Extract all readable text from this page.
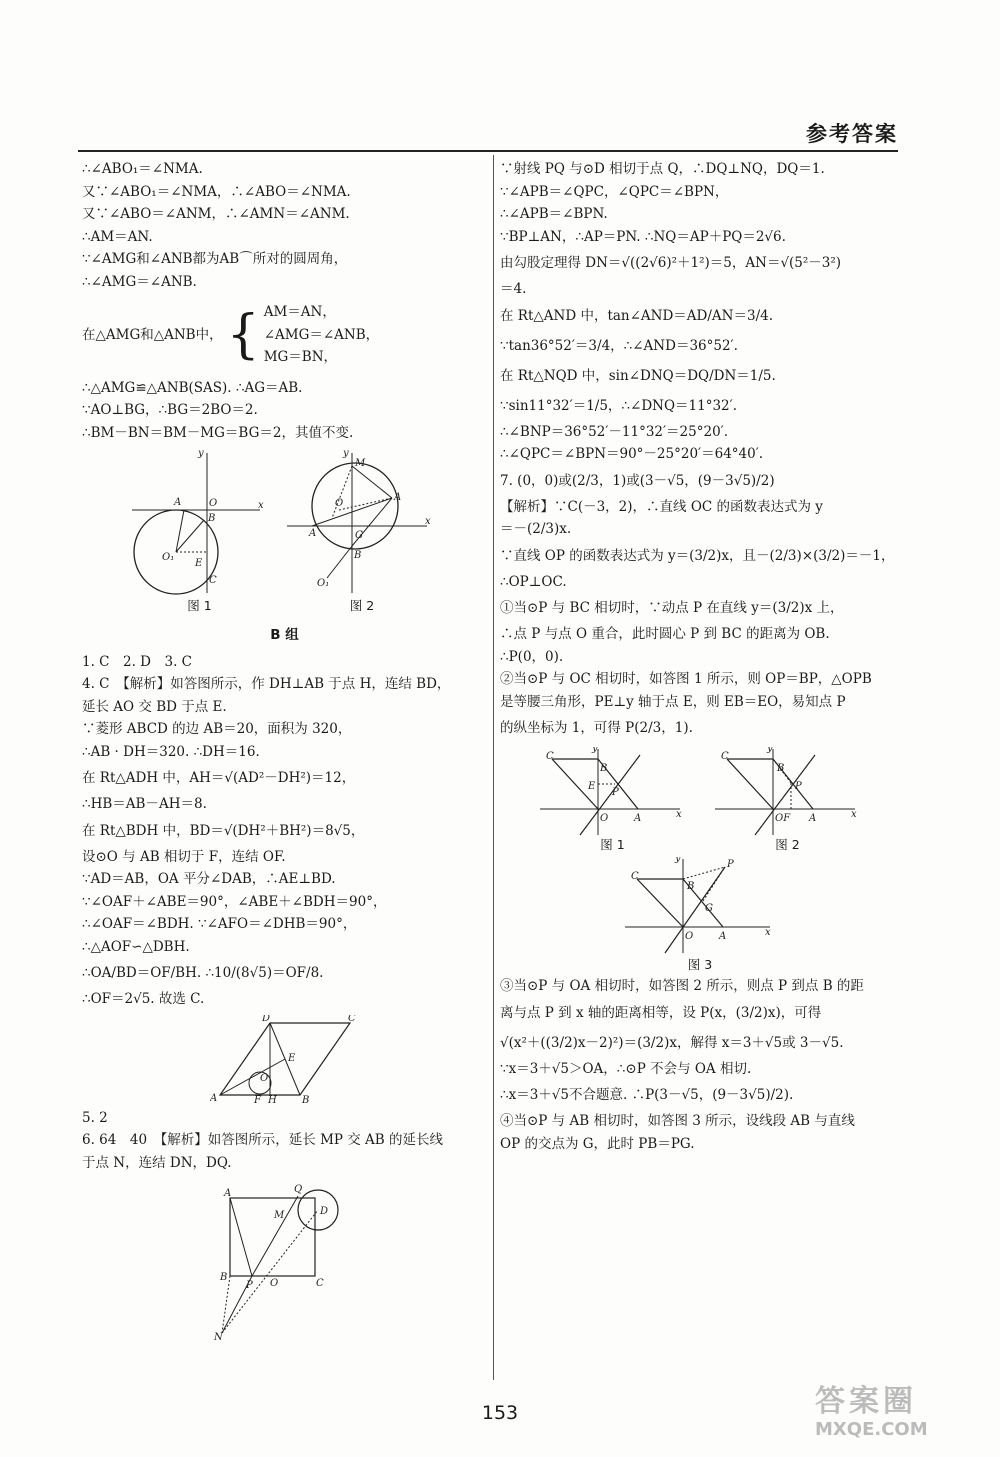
参考答案
∴∠ABO₁＝∠NMA.
又∵∠ABO₁＝∠NMA，∴∠ABO＝∠NMA.
又∵∠ABO＝∠ANM，∴∠AMN＝∠ANM.
∴AM＝AN.
∵∠AMG和∠ANB都为AB⌒所对的圆周角，
∴∠AMG＝∠ANB.
在△AMG和△ANB中， { AM＝AN，
∠AMG＝∠ANB，
MG＝BN，
∴△AMG≌△ANB(SAS). ∴AG＝AB.
∵AO⊥BG，∴BG＝2BO＝2.
∴BM－BN＝BM－MG＝BG＝2，其值不变.
y
x
A	O
B
O₁
E
C
图 1
y
x
M
A
O
A	G
B
O₁
图 2
B 组
1. C　2. D　3. C
4. C　【解析】如答图所示，作 DH⊥AB 于点 H，连结 BD，
延长 AO 交 BD 于点 E.
∵菱形 ABCD 的边 AB＝20，面积为 320，
∴AB · DH＝320. ∴DH＝16.
在 Rt△ADH 中，AH＝√(AD²－DH²)＝12，
∴HB＝AB－AH＝8.
在 Rt△BDH 中，BD＝√(DH²＋BH²)＝8√5，
设⊙O 与 AB 相切于 F，连结 OF.
∵AD＝AB，OA 平分∠DAB，∴AE⊥BD.
∵∠OAF＋∠ABE＝90°，∠ABE＋∠BDH＝90°，
∴∠OAF＝∠BDH. ∵∠AFO＝∠DHB＝90°，
∴△AOF∽△DBH.
∴OA/BD＝OF/BH. ∴10/(8√5)＝OF/8.
∴OF＝2√5. 故选 C.
A	B
C
D
E
F H
O
5. 2
6. 64　40　【解析】如答图所示，延长 MP 交 AB 的延长线
于点 N，连结 DN，DQ.
A
D
Q
M
B
P O	C
N
∵射线 PQ 与⊙D 相切于点 Q，∴DQ⊥NQ，DQ＝1.
∵∠APB＝∠QPC，∠QPC＝∠BPN，
∴∠APB＝∠BPN.
∵BP⊥AN，∴AP＝PN. ∴NQ＝AP＋PQ＝2√6.
由勾股定理得 DN＝√((2√6)²＋1²)＝5，AN＝√(5²－3²)
＝4.
在 Rt△AND 中，tan∠AND＝AD/AN＝3/4.
∵tan36°52′＝3/4，∴∠AND＝36°52′.
在 Rt△NQD 中，sin∠DNQ＝DQ/DN＝1/5.
∵sin11°32′＝1/5，∴∠DNQ＝11°32′.
∴∠BNP＝36°52′－11°32′＝25°20′.
∴∠QPC＝∠BPN＝90°－25°20′＝64°40′.
7. (0，0)或(2/3，1)或(3－√5，(9－3√5)/2)
【解析】∵C(－3，2)，∴直线 OC 的函数表达式为 y
＝－(2/3)x.
∵直线 OP 的函数表达式为 y＝(3/2)x，且－(2/3)×(3/2)＝－1，
∴OP⊥OC.
①当⊙P 与 BC 相切时，∵动点 P 在直线 y＝(3/2)x 上，
∴点 P 与点 O 重合，此时圆心 P 到 BC 的距离为 OB.
∴P(0，0).
②当⊙P 与 OC 相切时，如答图 1 所示，则 OP＝BP，△OPB
是等腰三角形，PE⊥y 轴于点 E，则 EB＝EO，易知点 P
的纵坐标为 1，可得 P(2/3，1).
y
x
C
B
E
P
O	A
图 1
y
x
C
B
P
OF A
图 2
y
x
C
B
G
P
O	A
图 3
③当⊙P 与 OA 相切时，如答图 2 所示，则点 P 到点 B 的距
离与点 P 到 x 轴的距离相等，设 P(x，(3/2)x)，可得
√(x²＋((3/2)x－2)²)＝(3/2)x，解得 x＝3＋√5或 3－√5.
∵x＝3＋√5＞OA，∴⊙P 不会与 OA 相切.
∴x＝3＋√5不合题意. ∴P(3－√5，(9－3√5)/2).
④当⊙P 与 AB 相切时，如答图 3 所示，设线段 AB 与直线
OP 的交点为 G，此时 PB＝PG.
153	答案圈
MXQE.COM
